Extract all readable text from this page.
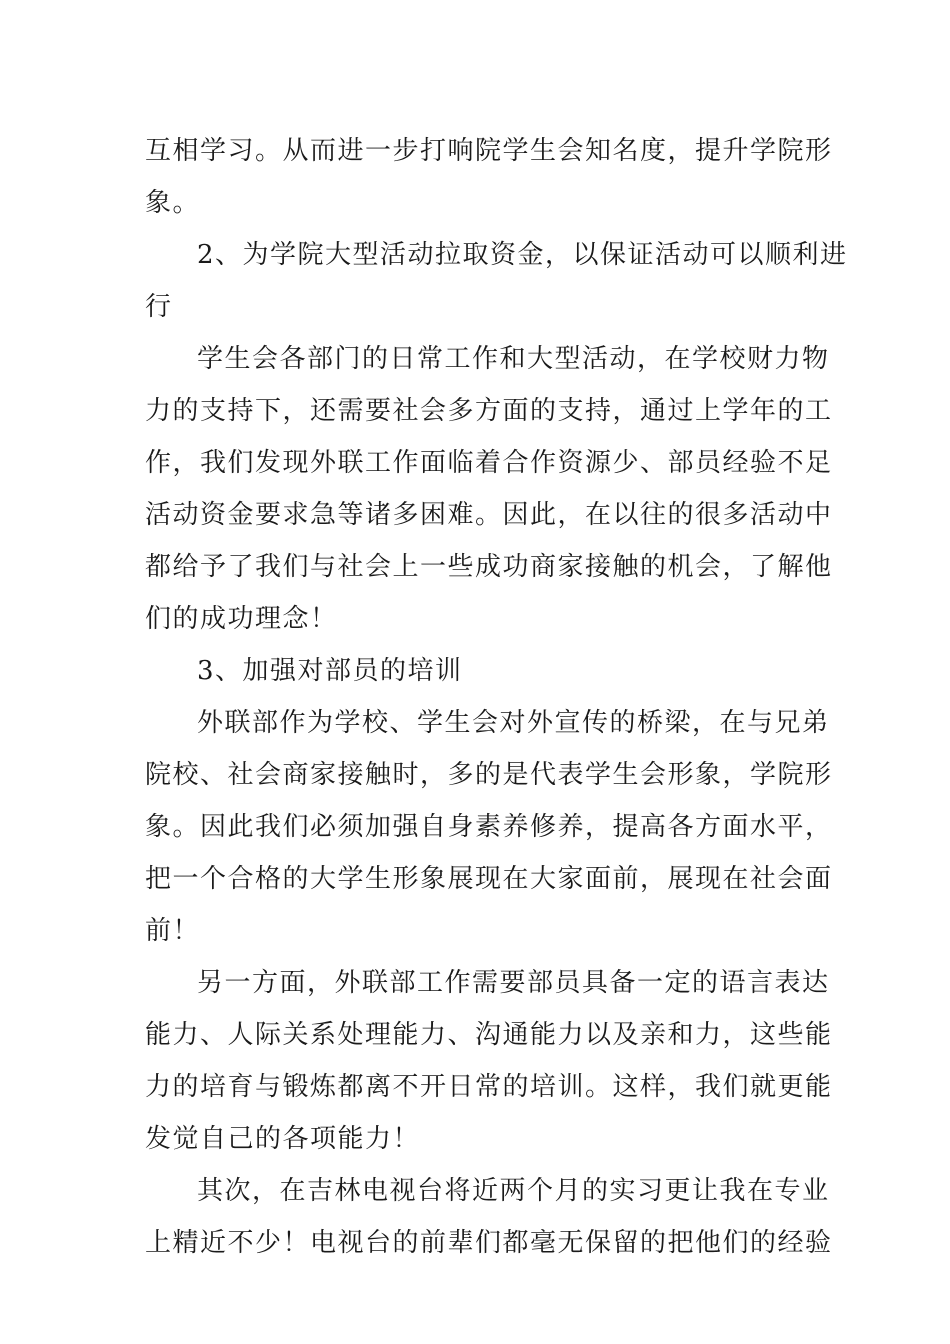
互相学习。从而进一步打响院学生会知名度，提升学院形
象。
2、为学院大型活动拉取资金，以保证活动可以顺利进
行
学生会各部门的日常工作和大型活动，在学校财力物
力的支持下，还需要社会多方面的支持，通过上学年的工
作，我们发现外联工作面临着合作资源少、部员经验不足
活动资金要求急等诸多困难。因此，在以往的很多活动中
都给予了我们与社会上一些成功商家接触的机会，了解他
们的成功理念！
3、加强对部员的培训
外联部作为学校、学生会对外宣传的桥梁，在与兄弟
院校、社会商家接触时，多的是代表学生会形象，学院形
象。因此我们必须加强自身素养修养，提高各方面水平，
把一个合格的大学生形象展现在大家面前，展现在社会面
前！
另一方面，外联部工作需要部员具备一定的语言表达
能力、人际关系处理能力、沟通能力以及亲和力，这些能
力的培育与锻炼都离不开日常的培训。这样，我们就更能
发觉自己的各项能力！
其次，在吉林电视台将近两个月的实习更让我在专业
上精近不少！电视台的前辈们都毫无保留的把他们的经验
